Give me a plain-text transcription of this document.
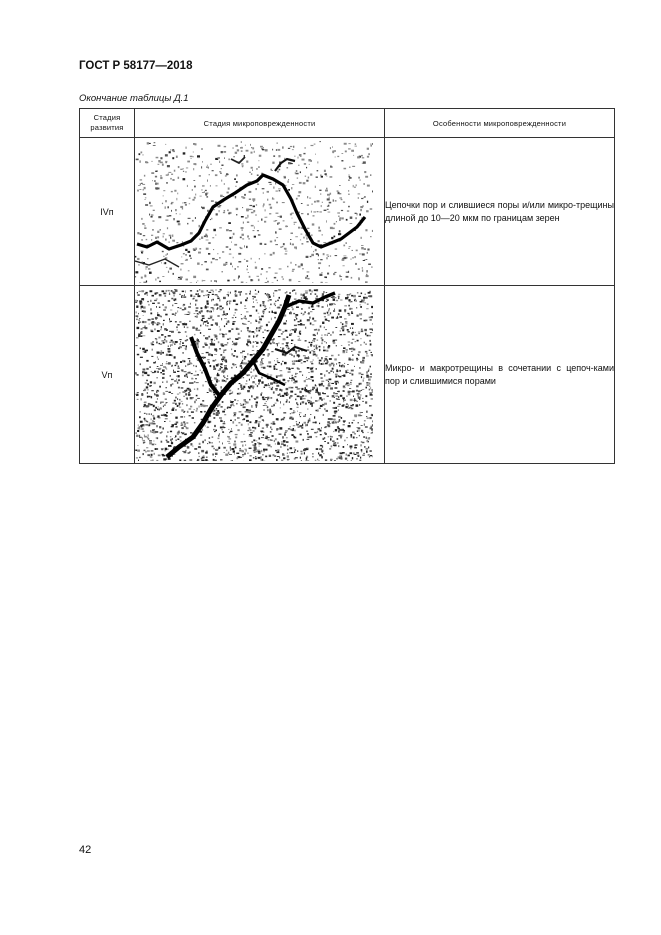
ГОСТ Р 58177—2018
Окончание таблицы Д.1
Стадия развития	Стадия микроповрежденности	Особенности микроповрежденности
IVп		Цепочки пор и слившиеся поры и/или микро-трещины длиной до 10—20 мкм по границам зерен
Vп		Микро- и макротрещины в сочетании с цепоч-ками пор и слившимися порами
42
